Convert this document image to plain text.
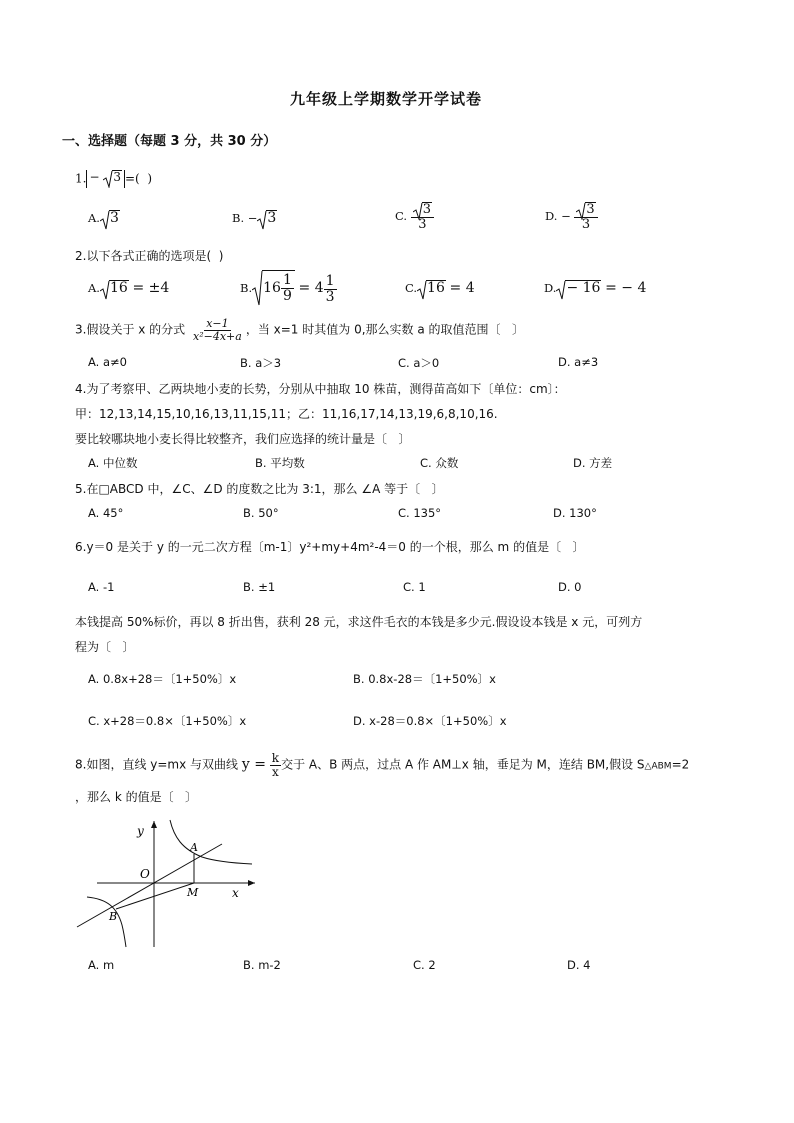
九年级上学期数学开学试卷
一、选择题（每题 3 分，共 30 分）
1. −
3 =(  )
A. 3	B. − 3	C. $\frac{3}{3}$	D. − $\frac{3}{3}$
2.以下各式正确的选项是(  )
A. 16 = ±4	B. $16 \frac{1}{9} = 4 \frac{1}{3}$	C. 16 = 4	D. − 16 = − 4
3.假设关于 x 的分式 $\frac{x-1}{\text{x²−4x+a}}$ ，当 x=1 时其值为 0,那么实数 a 的取值范围〔   〕
A. a≠0	B. a＞3	C. a＞0	D. a≠3
4.为了考察甲、乙两块地小麦的长势，分别从中抽取 10 株苗，测得苗高如下〔单位：cm〕：
甲：12,13,14,15,10,16,13,11,15,11；乙：11,16,17,14,13,19,6,8,10,16.
要比较哪块地小麦长得比较整齐，我们应选择的统计量是〔   〕
A. 中位数	B. 平均数	C. 众数	D. 方差
5.在□ABCD 中，∠C、∠D 的度数之比为 3:1，那么 ∠A 等于〔   〕
A. 45°	B. 50°	C. 135°	D. 130°
6.y＝0 是关于 y 的一元二次方程〔m-1〕y²+my+4m²-4＝0 的一个根，那么 m 的值是〔   〕
A. -1	B. ±1	C. 1	D. 0
本钱提高 50%标价，再以 8 折出售，获利 28 元，求这件毛衣的本钱是多少元.假设设本钱是 x 元，可列方
程为〔   〕
A. 0.8x+28＝〔1+50%〕x	B. 0.8x-28＝〔1+50%〕x
C. x+28＝0.8×〔1+50%〕x	D. x-28＝0.8×〔1+50%〕x
8.如图，直线 y=mx 与双曲线 $y = \frac{k}{x}$ 交于 A、B 两点，过点 A 作 AM⊥x 轴，垂足为 M，连结 BM,假设 S△ABM=2
，那么 k 的值是〔   〕
y
x
O
A
B
M
A. m	B. m-2	C. 2	D. 4
